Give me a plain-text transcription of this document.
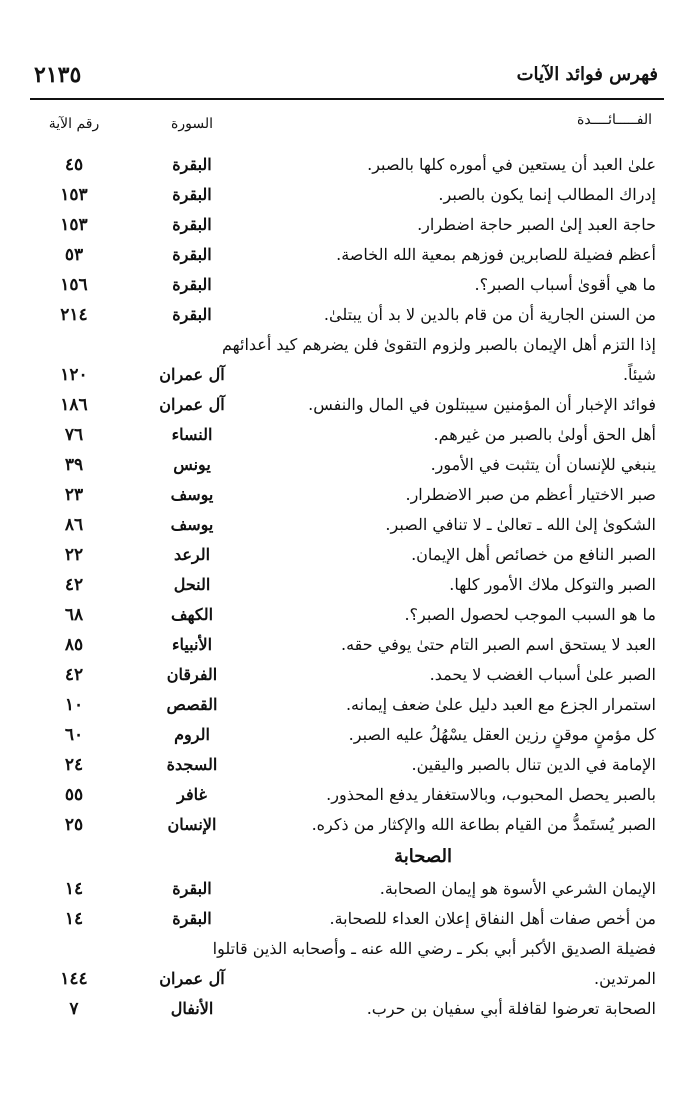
فهرس فوائد الآيات
٢١٣٥
الفـــــائــــدة
السورة
رقم الآية
علىٰ العبد أن يستعين في أموره كلها بالصبر.
البقرة
٤٥
إدراك المطالب إنما يكون بالصبر.
البقرة
١٥٣
حاجة العبد إلىٰ الصبر حاجة اضطرار.
البقرة
١٥٣
أعظم فضيلة للصابرين فوزهم بمعية الله الخاصة.
البقرة
٥٣
ما هي أقوىٰ أسباب الصبر؟.
البقرة
١٥٦
من السنن الجارية أن من قام بالدين لا بد أن يبتلىٰ.
البقرة
٢١٤
إذا التزم أهل الإيمان بالصبر ولزوم التقوىٰ فلن يضرهم كيد أعدائهم شيئاً.
آل عمران
١٢٠
فوائد الإخبار أن المؤمنين سيبتلون في المال والنفس.
آل عمران
١٨٦
أهل الحق أولىٰ بالصبر من غيرهم.
النساء
٧٦
ينبغي للإنسان أن يتثبت في الأمور.
يونس
٣٩
صبر الاختيار أعظم من صبر الاضطرار.
يوسف
٢٣
الشكوىٰ إلىٰ الله ـ تعالىٰ ـ لا تنافي الصبر.
يوسف
٨٦
الصبر النافع من خصائص أهل الإيمان.
الرعد
٢٢
الصبر والتوكل ملاك الأمور كلها.
النحل
٤٢
ما هو السبب الموجب لحصول الصبر؟.
الكهف
٦٨
العبد لا يستحق اسم الصبر التام حتىٰ يوفي حقه.
الأنبياء
٨٥
الصبر علىٰ أسباب الغضب لا يحمد.
الفرقان
٤٢
استمرار الجزع مع العبد دليل علىٰ ضعف إيمانه.
القصص
١٠
كل مؤمنٍ موقنٍ رزين العقل يسْهُلُ عليه الصبر.
الروم
٦٠
الإمامة في الدين تنال بالصبر واليقين.
السجدة
٢٤
بالصبر يحصل المحبوب، وبالاستغفار يدفع المحذور.
غافر
٥٥
الصبر يُستَمدُّ من القيام بطاعة الله والإكثار من ذكره.
الإنسان
٢٥
الصحابة
الإيمان الشرعي الأسوة هو إيمان الصحابة.
البقرة
١٤
من أخص صفات أهل النفاق إعلان العداء للصحابة.
البقرة
١٤
فضيلة الصديق الأكبر أبي بكر ـ رضي الله عنه ـ وأصحابه الذين قاتلوا المرتدين.
آل عمران
١٤٤
الصحابة تعرضوا لقافلة أبي سفيان بن حرب.
الأنفال
٧
